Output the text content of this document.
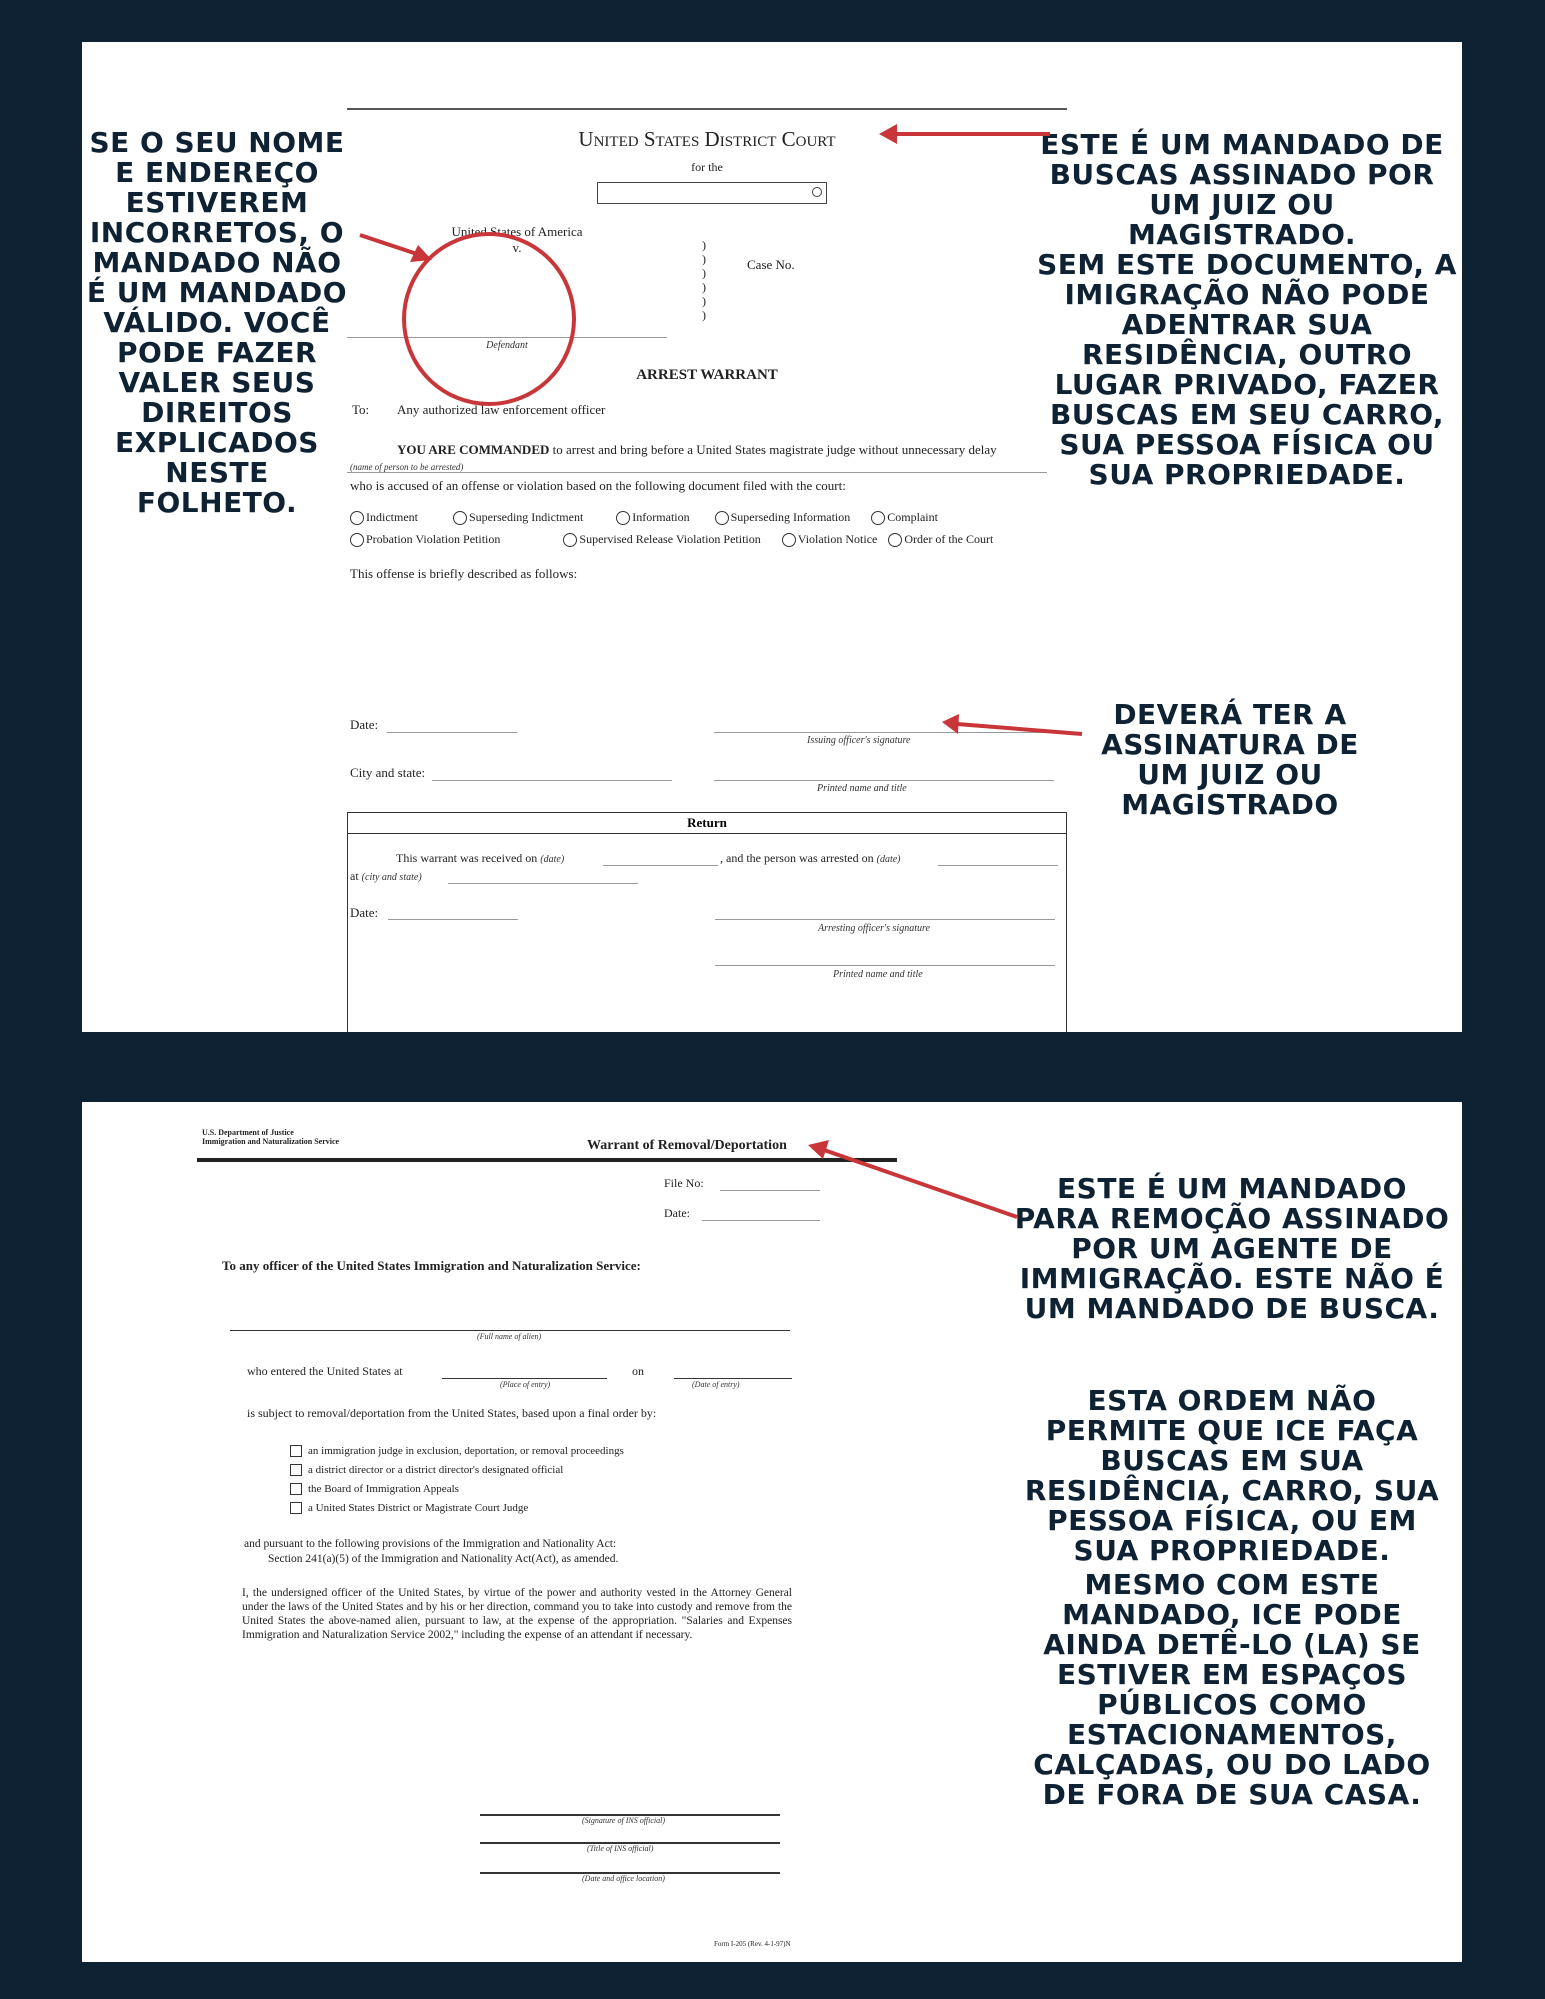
SE O SEU NOME E ENDEREÇO ESTIVEREM INCORRETOS, O MANDADO NÃO É UM MANDADO VÁLIDO. VOCÊ PODE FAZER VALER SEUS DIREITOS EXPLICADOS NESTE FOLHETO.
ESTE É UM MANDADO DE BUSCAS ASSINADO POR UM JUIZ OU MAGISTRADO.
SEM ESTE DOCUMENTO, A IMIGRAÇÃO NÃO PODE ADENTRAR SUA RESIDÊNCIA, OUTRO LUGAR PRIVADO, FAZER BUSCAS EM SEU CARRO, SUA PESSOA FÍSICA OU SUA PROPRIEDADE.
DEVERÁ TER A ASSINATURA DE UM JUIZ OU MAGISTRADO
United States District Court
for the
United States of America
v.	)
)
)
)
)
)
Case No.
Defendant
ARREST WARRANT
To: Any authorized law enforcement officer
YOU ARE COMMANDED to arrest and bring before a United States magistrate judge without unnecessary delay
(name of person to be arrested)
who is accused of an offense or violation based on the following document filed with the court:
Indictment	Superseding Indictment	Information	Superseding Information	Complaint
Probation Violation Petition	Supervised Release Violation Petition	Violation Notice Order of the Court
This offense is briefly described as follows:
Date:
Issuing officer's signature
City and state:
Printed name and title
Return
This warrant was received on (date)	, and the person was arrested on (date)
at (city and state)
Date:
Arresting officer's signature
Printed name and title
ESTE É UM MANDADO PARA REMOÇÃO ASSINADO POR UM AGENTE DE IMMIGRAÇÃO. ESTE NÃO É UM MANDADO DE BUSCA.
ESTA ORDEM NÃO PERMITE QUE ICE FAÇA BUSCAS EM SUA RESIDÊNCIA, CARRO, SUA PESSOA FÍSICA, OU EM SUA PROPRIEDADE.
MESMO COM ESTE MANDADO, ICE PODE AINDA DETÊ-LO (LA) SE ESTIVER EM ESPAÇOS PÚBLICOS COMO ESTACIONAMENTOS, CALÇADAS, OU DO LADO DE FORA DE SUA CASA.
U.S. Department of Justice
Immigration and Naturalization Service	Warrant of Removal/Deportation
File No:
Date:
To any officer of the United States Immigration and Naturalization Service:
(Full name of alien)
who entered the United States at
(Place of entry)
on
(Date of entry)
is subject to removal/deportation from the United States, based upon a final order by:
an immigration judge in exclusion, deportation, or removal proceedings
a district director or a district director's designated official
the Board of Immigration Appeals
a United States District or Magistrate Court Judge
and pursuant to the following provisions of the Immigration and Nationality Act:
Section 241(a)(5) of the Immigration and Nationality Act(Act), as amended.
I, the undersigned officer of the United States, by virtue of the power and authority vested in the Attorney General under the laws of the United States and by his or her direction, command you to take into custody and remove from the United States the above-named alien, pursuant to law, at the expense of the appropriation. "Salaries and Expenses Immigration and Naturalization Service 2002," including the expense of an attendant if necessary.
(Signature of INS official)
(Title of INS official)
(Date and office location)
Form I-205 (Rev. 4-1-97)N
